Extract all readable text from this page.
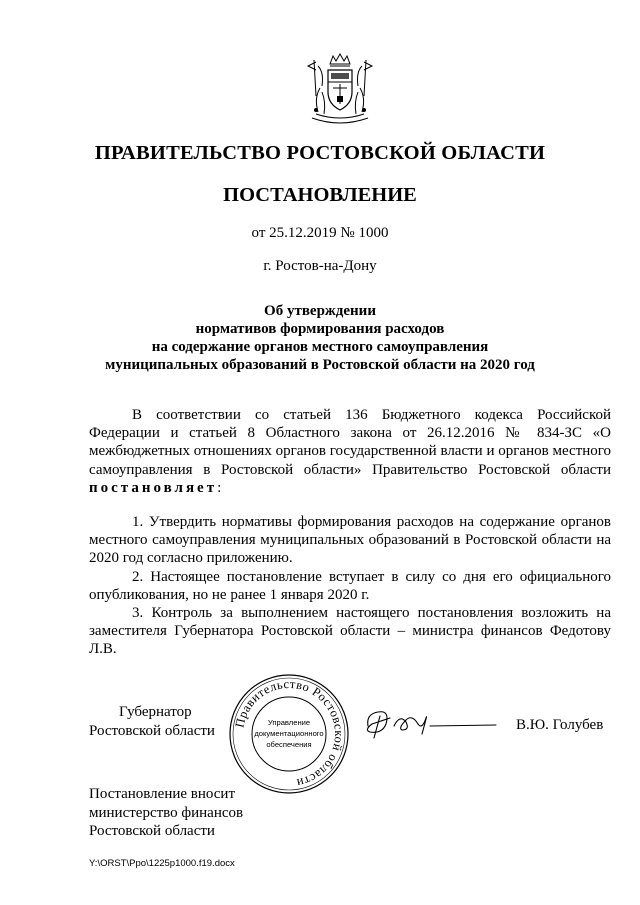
ПРАВИТЕЛЬСТВО РОСТОВСКОЙ ОБЛАСТИ
ПОСТАНОВЛЕНИЕ
от 25.12.2019 № 1000
г. Ростов-на-Дону
Об утверждении
нормативов формирования расходов
на содержание органов местного самоуправления
муниципальных образований в Ростовской области на 2020 год

В соответствии со статьей 136 Бюджетного кодекса Российской Федерации и статьей 8 Областного закона от 26.12.2016 № 834-ЗС «О межбюджетных отношениях органов государственной власти и органов местного самоуправления в Ростовской области» Правительство Ростовской области постановляет:

1. Утвердить нормативы формирования расходов на содержание органов местного самоуправления муниципальных образований в Ростовской области на 2020 год согласно приложению.

2. Настоящее постановление вступает в силу со дня его официального опубликования, но не ранее 1 января 2020 г.

3. Контроль за выполнением настоящего постановления возложить на заместителя Губернатора Ростовской области – министра финансов Федотову Л.В.

Губернатор
Ростовской области	Правительство Ростовской области
Управление
документационного
обеспечения
В.Ю. Голубев
Постановление вносит
министерство финансов
Ростовской области
Y:\ORST\Ppo\1225p1000.f19.docx
